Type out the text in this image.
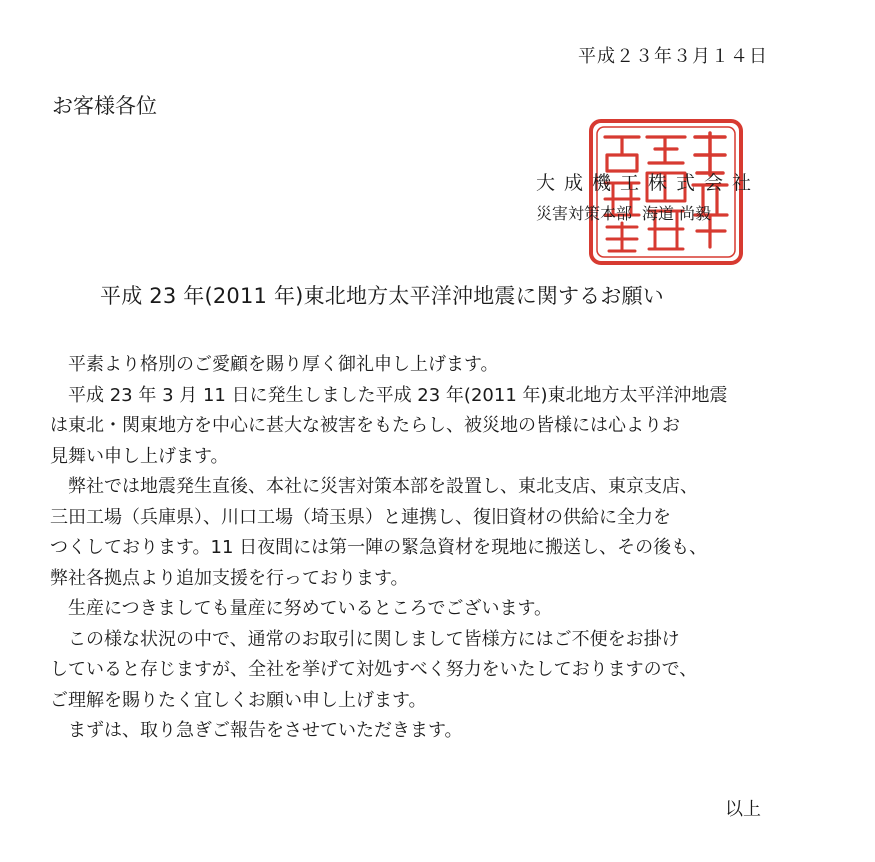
平成２３年３月１４日
お客様各位
大成機工株式会社
災害対策本部 海道 尚毅
平成 23 年(2011 年)東北地方太平洋沖地震に関するお願い
　平素より格別のご愛顧を賜り厚く御礼申し上げます。
　平成 23 年 3 月 11 日に発生しました平成 23 年(2011 年)東北地方太平洋沖地震
は東北・関東地方を中心に甚大な被害をもたらし、被災地の皆様には心よりお
見舞い申し上げます。
　弊社では地震発生直後、本社に災害対策本部を設置し、東北支店、東京支店、
三田工場（兵庫県）、川口工場（埼玉県）と連携し、復旧資材の供給に全力を
つくしております。11 日夜間には第一陣の緊急資材を現地に搬送し、その後も、
弊社各拠点より追加支援を行っております。
　生産につきましても量産に努めているところでございます。
　この様な状況の中で、通常のお取引に関しまして皆様方にはご不便をお掛け
していると存じますが、全社を挙げて対処すべく努力をいたしておりますので、
ご理解を賜りたく宜しくお願い申し上げます。
　まずは、取り急ぎご報告をさせていただきます。
以上
